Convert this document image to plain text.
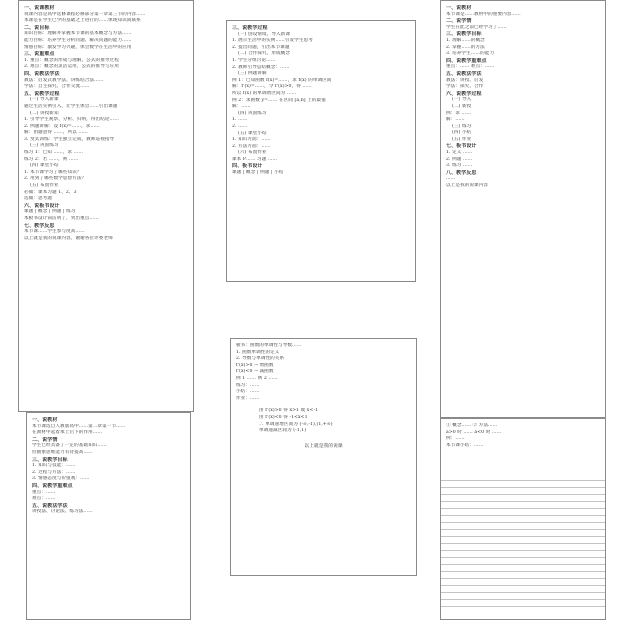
一、说课教材
说课内容是高中选修课程必修部分第一章第三节的内容……
本课是在学生已学的基础之上进行的……体现知识间联系
二、说目标
知识目标：理解并掌握本节课的基本概念与方法……
能力目标：培养学生分析问题、解决问题的能力……
情感目标：激发学习兴趣，体会数学在生活中的应用
三、说重难点
1. 重点：概念的形成与理解，公式的推导过程
2. 难点：概念的灵活运用，公式的推导与应用
四、说教法学法
教法：启发式教学法、讲练结合法……
学法：自主探究、合作交流……
五、说教学过程
(一) 导入新课
通过生活实例引入，让学生体会……引出课题
(二) 讲授新知
1. 引导学生观察、分析、归纳，得出结论……
2. 例题讲解：设 f(x)=……，求……
解：由题意得 ……，所以 ……
3. 变式训练：学生独立完成，教师巡视指导
(三) 巩固练习
练习 1：已知 ……，求 ……
练习 2：若 ……，则 ……
(四) 课堂小结
1. 本节课学习了哪些知识？
2. 用到了哪些数学思想方法？
(五) 布置作业
必做：课本习题 1、2、3
选做：思考题
六、说板书设计
课题 | 概念 | 例题 | 练习
本板书设计简洁明了，突出重点……
七、教学反思
本节课……学生参与度高……
以上就是我的说课内容，谢谢各位评委老师
一、说教材
本节课选自人教版高中……第二章第一节……
在教材中起着承上启下的作用……
二、说学情
学生已经具备了一定的基础知识……
但抽象思维能力有待提高……
三、说教学目标
1. 知识与技能：……
2. 过程与方法：……
3. 情感态度与价值观：……
四、说教学重难点
重点：……
难点：……
五、说教法学法
讲授法、讨论法、练习法……
三、说教学过程
(一) 创设情境，导入新课
1. 展示生活中的实例……引发学生思考
2. 提出问题，引出本节课题
(二) 合作探究，形成概念
1. 学生分组讨论……
2. 教师引导总结概念：……
(三) 例题讲解
例 1：已知函数 f(x)=……，求 f(x) 的单调区间
解：f'(x)=……，令 f'(x)>0，得 ……
所以 f(x) 的单调增区间为 ……
例 2：求函数 y=…… 在区间 [a,b] 上的最值
解：……
(四) 巩固练习
1. ……
2. ……
(五) 课堂小结
1. 知识方面：……
2. 方法方面：……
(六) 布置作业
课本 P…… 习题 ……
四、板书设计
课题 | 概念 | 例题 | 小结
板书：函数的单调性与导数……
1. 函数单调性的定义
2. 导数与单调性的关系
f'(x)>0 → 增函数
f'(x)<0 → 减函数
例 1 …… 例 2 ……
练习：……
小结：……
作业：……
由 f'(x)>0 得 x>1 或 x<-1
由 f'(x)<0 得 -1<x<1
∴ 单调递增区间为 (-∞,-1),(1,+∞)
单调递减区间为 (-1,1)
以上就是我的说课
一、说教材
本节课是……教材中的重要内容……
二、说学情
学生在此之前已经学习了……
三、说教学目标
1. 理解……的概念
2. 掌握……的方法
3. 培养学生……的能力
四、说教学重难点
重点：…… 难点：……
五、说教法学法
教法：讲授、启发
学法：探究、合作
六、说教学过程
(一) 导入
(二) 新授
例：求 ……
解：……
(三) 练习
(四) 小结
(五) 作业
七、板书设计
1. 定义 ……
2. 例题 ……
3. 练习 ……
八、教学反思
……
以上是我的说课内容
① 概念…… ② 方法……
a>0 时 …… a<0 时 ……
例：……
本节课小结：……
